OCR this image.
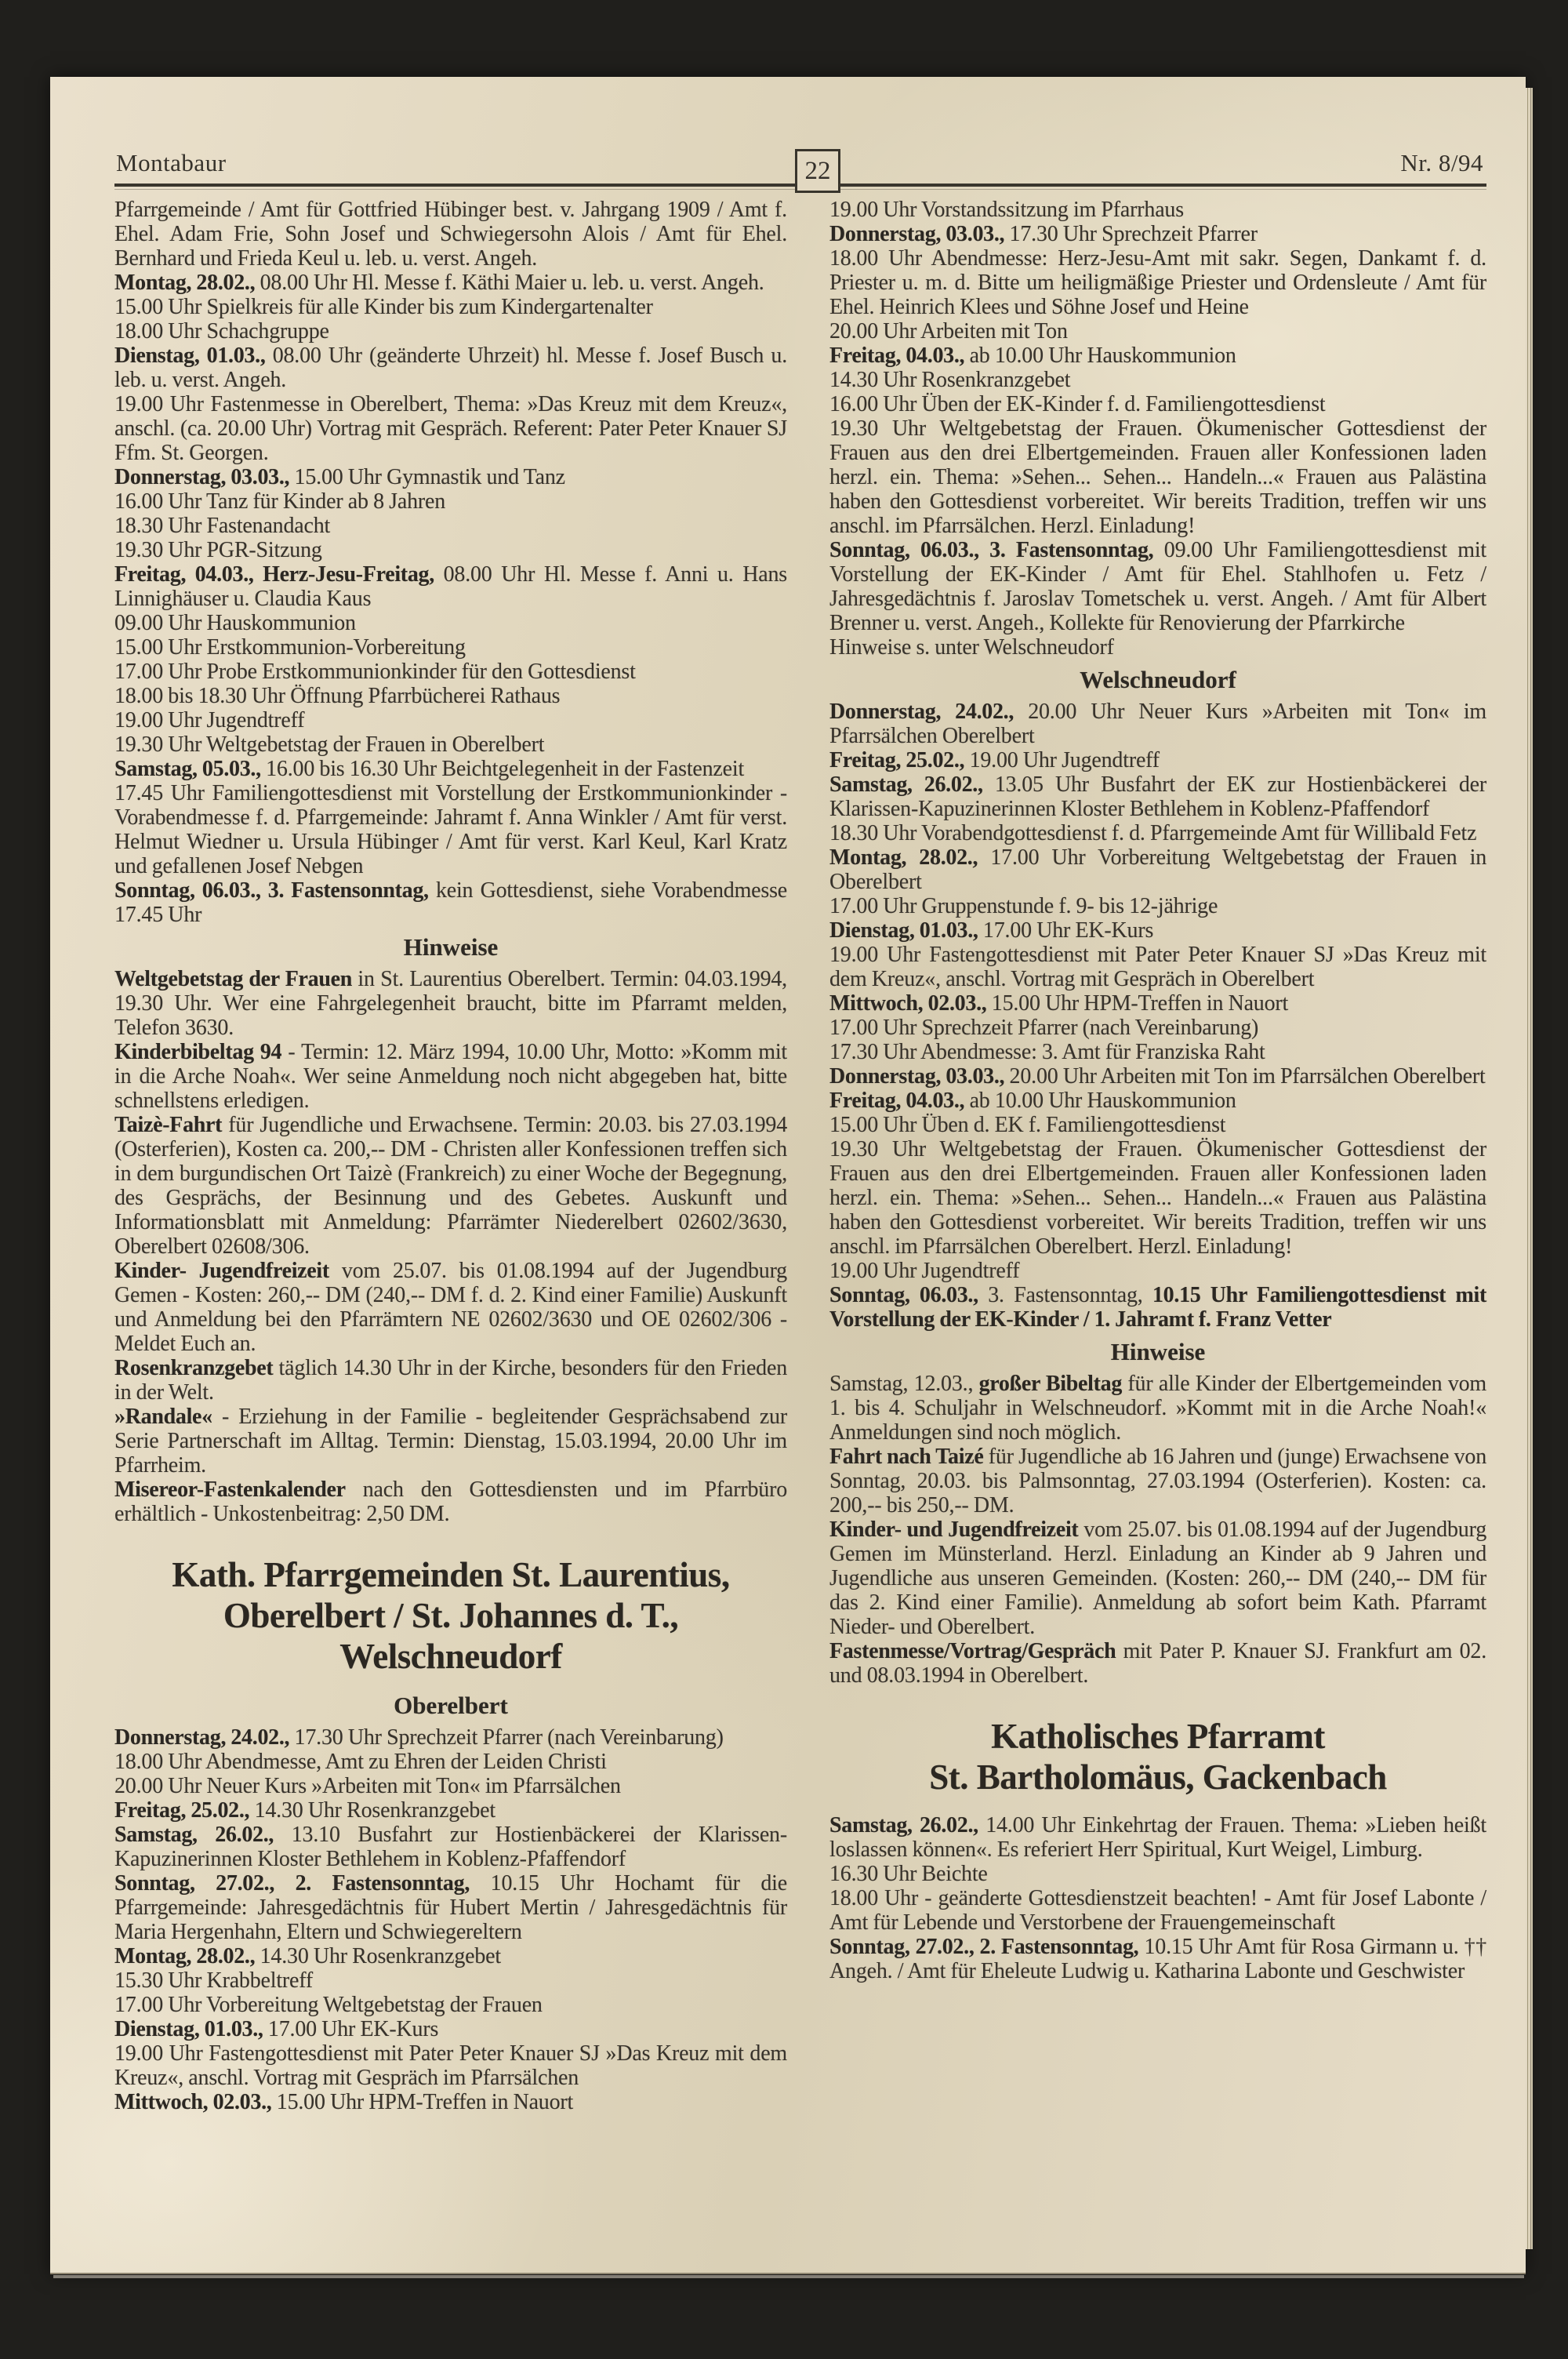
22
Montabaur	Nr. 8/94

Pfarrgemeinde / Amt für Gottfried Hübinger best. v. Jahrgang 1909 / Amt f. Ehel. Adam Frie, Sohn Josef und Schwiegersohn Alois / Amt für Ehel. Bernhard und Frieda Keul u. leb. u. verst. Angeh.

Montag, 28.02., 08.00 Uhr Hl. Messe f. Käthi Maier u. leb. u. verst. Angeh.

15.00 Uhr Spielkreis für alle Kinder bis zum Kindergartenalter

18.00 Uhr Schachgruppe

Dienstag, 01.03., 08.00 Uhr (geänderte Uhrzeit) hl. Messe f. Josef Busch u. leb. u. verst. Angeh.

19.00 Uhr Fastenmesse in Oberelbert, Thema: »Das Kreuz mit dem Kreuz«, anschl. (ca. 20.00 Uhr) Vortrag mit Gespräch. Referent: Pater Peter Knauer SJ Ffm. St. Georgen.

Donnerstag, 03.03., 15.00 Uhr Gymnastik und Tanz

16.00 Uhr Tanz für Kinder ab 8 Jahren

18.30 Uhr Fastenandacht

19.30 Uhr PGR-Sitzung

Freitag, 04.03., Herz-Jesu-Freitag, 08.00 Uhr Hl. Messe f. Anni u. Hans Linnighäuser u. Claudia Kaus

09.00 Uhr Hauskommunion

15.00 Uhr Erstkommunion-Vorbereitung

17.00 Uhr Probe Erstkommunionkinder für den Gottesdienst

18.00 bis 18.30 Uhr Öffnung Pfarrbücherei Rathaus

19.00 Uhr Jugendtreff

19.30 Uhr Weltgebetstag der Frauen in Oberelbert

Samstag, 05.03., 16.00 bis 16.30 Uhr Beichtgelegenheit in der Fastenzeit

17.45 Uhr Familiengottesdienst mit Vorstellung der Erstkommunionkinder - Vorabendmesse f. d. Pfarrgemeinde: Jahramt f. Anna Winkler / Amt für verst. Helmut Wiedner u. Ursula Hübinger / Amt für verst. Karl Keul, Karl Kratz und gefallenen Josef Nebgen

Sonntag, 06.03., 3. Fastensonntag, kein Gottesdienst, siehe Vorabendmesse 17.45 Uhr

Hinweise

Weltgebetstag der Frauen in St. Laurentius Oberelbert. Termin: 04.03.1994, 19.30 Uhr. Wer eine Fahrgelegenheit braucht, bitte im Pfarramt melden, Telefon 3630.

Kinderbibeltag 94 - Termin: 12. März 1994, 10.00 Uhr, Motto: »Komm mit in die Arche Noah«. Wer seine Anmeldung noch nicht abgegeben hat, bitte schnellstens erledigen.

Taizè-Fahrt für Jugendliche und Erwachsene. Termin: 20.03. bis 27.03.1994 (Osterferien), Kosten ca. 200,-- DM - Christen aller Konfessionen treffen sich in dem burgundischen Ort Taizè (Frankreich) zu einer Woche der Begegnung, des Gesprächs, der Besinnung und des Gebetes. Auskunft und Informationsblatt mit Anmeldung: Pfarrämter Niederelbert 02602/3630, Oberelbert 02608/306.

Kinder- Jugendfreizeit vom 25.07. bis 01.08.1994 auf der Jugendburg Gemen - Kosten: 260,-- DM (240,-- DM f. d. 2. Kind einer Familie) Auskunft und Anmeldung bei den Pfarrämtern NE 02602/3630 und OE 02602/306 - Meldet Euch an.

Rosenkranzgebet täglich 14.30 Uhr in der Kirche, besonders für den Frieden in der Welt.

»Randale« - Erziehung in der Familie - begleitender Gesprächsabend zur Serie Partnerschaft im Alltag. Termin: Dienstag, 15.03.1994, 20.00 Uhr im Pfarrheim.

Misereor-Fastenkalender nach den Gottesdiensten und im Pfarrbüro erhältlich - Unkostenbeitrag: 2,50 DM.

Kath. Pfarrgemeinden St. Laurentius,
Oberelbert / St. Johannes d. T., Welschneudorf
Oberelbert

Donnerstag, 24.02., 17.30 Uhr Sprechzeit Pfarrer (nach Vereinbarung)

18.00 Uhr Abendmesse, Amt zu Ehren der Leiden Christi

20.00 Uhr Neuer Kurs »Arbeiten mit Ton« im Pfarrsälchen

Freitag, 25.02., 14.30 Uhr Rosenkranzgebet

Samstag, 26.02., 13.10 Busfahrt zur Hostienbäckerei der Klarissen-Kapuzinerinnen Kloster Bethlehem in Koblenz-Pfaffendorf

Sonntag, 27.02., 2. Fastensonntag, 10.15 Uhr Hochamt für die Pfarrgemeinde: Jahresgedächtnis für Hubert Mertin / Jahresgedächtnis für Maria Hergenhahn, Eltern und Schwiegereltern

Montag, 28.02., 14.30 Uhr Rosenkranzgebet

15.30 Uhr Krabbeltreff

17.00 Uhr Vorbereitung Weltgebetstag der Frauen

Dienstag, 01.03., 17.00 Uhr EK-Kurs

19.00 Uhr Fastengottesdienst mit Pater Peter Knauer SJ »Das Kreuz mit dem Kreuz«, anschl. Vortrag mit Gespräch im Pfarrsälchen

Mittwoch, 02.03., 15.00 Uhr HPM-Treffen in Nauort

19.00 Uhr Vorstandssitzung im Pfarrhaus

Donnerstag, 03.03., 17.30 Uhr Sprechzeit Pfarrer

18.00 Uhr Abendmesse: Herz-Jesu-Amt mit sakr. Segen, Dankamt f. d. Priester u. m. d. Bitte um heiligmäßige Priester und Ordensleute / Amt für Ehel. Heinrich Klees und Söhne Josef und Heine

20.00 Uhr Arbeiten mit Ton

Freitag, 04.03., ab 10.00 Uhr Hauskommunion

14.30 Uhr Rosenkranzgebet

16.00 Uhr Üben der EK-Kinder f. d. Familiengottesdienst

19.30 Uhr Weltgebetstag der Frauen. Ökumenischer Gottesdienst der Frauen aus den drei Elbertgemeinden. Frauen aller Konfessionen laden herzl. ein. Thema: »Sehen... Sehen... Handeln...« Frauen aus Palästina haben den Gottesdienst vorbereitet. Wir bereits Tradition, treffen wir uns anschl. im Pfarrsälchen. Herzl. Einladung!

Sonntag, 06.03., 3. Fastensonntag, 09.00 Uhr Familiengottesdienst mit Vorstellung der EK-Kinder / Amt für Ehel. Stahlhofen u. Fetz / Jahresgedächtnis f. Jaroslav Tometschek u. verst. Angeh. / Amt für Albert Brenner u. verst. Angeh., Kollekte für Renovierung der Pfarrkirche

Hinweise s. unter Welschneudorf

Welschneudorf

Donnerstag, 24.02., 20.00 Uhr Neuer Kurs »Arbeiten mit Ton« im Pfarrsälchen Oberelbert

Freitag, 25.02., 19.00 Uhr Jugendtreff

Samstag, 26.02., 13.05 Uhr Busfahrt der EK zur Hostienbäckerei der Klarissen-Kapuzinerinnen Kloster Bethlehem in Koblenz-Pfaffendorf

18.30 Uhr Vorabendgottesdienst f. d. Pfarrgemeinde Amt für Willibald Fetz

Montag, 28.02., 17.00 Uhr Vorbereitung Weltgebetstag der Frauen in Oberelbert

17.00 Uhr Gruppenstunde f. 9- bis 12-jährige

Dienstag, 01.03., 17.00 Uhr EK-Kurs

19.00 Uhr Fastengottesdienst mit Pater Peter Knauer SJ »Das Kreuz mit dem Kreuz«, anschl. Vortrag mit Gespräch in Oberelbert

Mittwoch, 02.03., 15.00 Uhr HPM-Treffen in Nauort

17.00 Uhr Sprechzeit Pfarrer (nach Vereinbarung)

17.30 Uhr Abendmesse: 3. Amt für Franziska Raht

Donnerstag, 03.03., 20.00 Uhr Arbeiten mit Ton im Pfarrsälchen Oberelbert

Freitag, 04.03., ab 10.00 Uhr Hauskommunion

15.00 Uhr Üben d. EK f. Familiengottesdienst

19.30 Uhr Weltgebetstag der Frauen. Ökumenischer Gottesdienst der Frauen aus den drei Elbertgemeinden. Frauen aller Konfessionen laden herzl. ein. Thema: »Sehen... Sehen... Handeln...« Frauen aus Palästina haben den Gottesdienst vorbereitet. Wir bereits Tradition, treffen wir uns anschl. im Pfarrsälchen Oberelbert. Herzl. Einladung!

19.00 Uhr Jugendtreff

Sonntag, 06.03., 3. Fastensonntag, 10.15 Uhr Familiengottesdienst mit Vorstellung der EK-Kinder / 1. Jahramt f. Franz Vetter

Hinweise

Samstag, 12.03., großer Bibeltag für alle Kinder der Elbertgemeinden vom 1. bis 4. Schuljahr in Welschneudorf. »Kommt mit in die Arche Noah!« Anmeldungen sind noch möglich.

Fahrt nach Taizé für Jugendliche ab 16 Jahren und (junge) Erwachsene von Sonntag, 20.03. bis Palmsonntag, 27.03.1994 (Osterferien). Kosten: ca. 200,-- bis 250,-- DM.

Kinder- und Jugendfreizeit vom 25.07. bis 01.08.1994 auf der Jugendburg Gemen im Münsterland. Herzl. Einladung an Kinder ab 9 Jahren und Jugendliche aus unseren Gemeinden. (Kosten: 260,-- DM (240,-- DM für das 2. Kind einer Familie). Anmeldung ab sofort beim Kath. Pfarramt Nieder- und Oberelbert.

Fastenmesse/Vortrag/Gespräch mit Pater P. Knauer SJ. Frankfurt am 02. und 08.03.1994 in Oberelbert.

Katholisches Pfarramt
St. Bartholomäus, Gackenbach

Samstag, 26.02., 14.00 Uhr Einkehrtag der Frauen. Thema: »Lieben heißt loslassen können«. Es referiert Herr Spiritual, Kurt Weigel, Limburg.

16.30 Uhr Beichte

18.00 Uhr - geänderte Gottesdienstzeit beachten! - Amt für Josef Labonte / Amt für Lebende und Verstorbene der Frauengemeinschaft

Sonntag, 27.02., 2. Fastensonntag, 10.15 Uhr Amt für Rosa Girmann u. †† Angeh. / Amt für Eheleute Ludwig u. Katharina Labonte und Geschwister
